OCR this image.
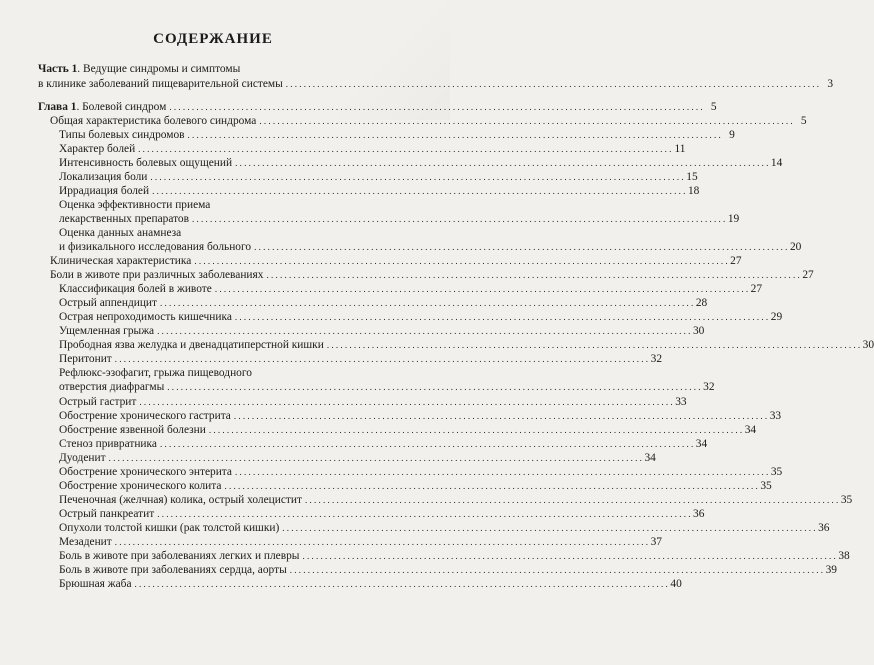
СОДЕРЖАНИЕ
Часть 1. Ведущие синдромы и симптомы
в клинике заболеваний пищеварительной системы . . .	3
Глава 1. Болевой синдром . . .	5
Общая характеристика болевого синдрома . . .	5
Типы болевых синдромов . . .	9
Характер болей . . .	11
Интенсивность болевых ощущений . . .	14
Локализация боли . . .	15
Иррадиация болей . . .	18
Оценка эффективности приема
лекарственных препаратов . . .	19
Оценка данных анамнеза
и физикального исследования больного . . .	20
Клиническая характеристика . . .	27
Боли в животе при различных заболеваниях . . .	27
Классификация болей в животе . . .	27
Острый аппендицит . . .	28
Острая непроходимость кишечника . . .	29
Ущемленная грыжа . . .	30
Прободная язва желудка и двенадцатиперстной кишки . . .	30
Перитонит . . .	32
Рефлюкс-эзофагит, грыжа пищеводного
отверстия диафрагмы . . .	32
Острый гастрит . . .	33
Обострение хронического гастрита . . .	33
Обострение язвенной болезни . . .	34
Стеноз привратника . . .	34
Дуоденит . . .	34
Обострение хронического энтерита . . .	35
Обострение хронического колита . . .	35
Печеночная (желчная) колика, острый холецистит . . .	35
Острый панкреатит . . .	36
Опухоли толстой кишки (рак толстой кишки) . . .	36
Мезаденит . . .	37
Боль в животе при заболеваниях легких и плевры . . .	38
Боль в животе при заболеваниях сердца, аорты . . .	39
Брюшная жаба . . .	40
